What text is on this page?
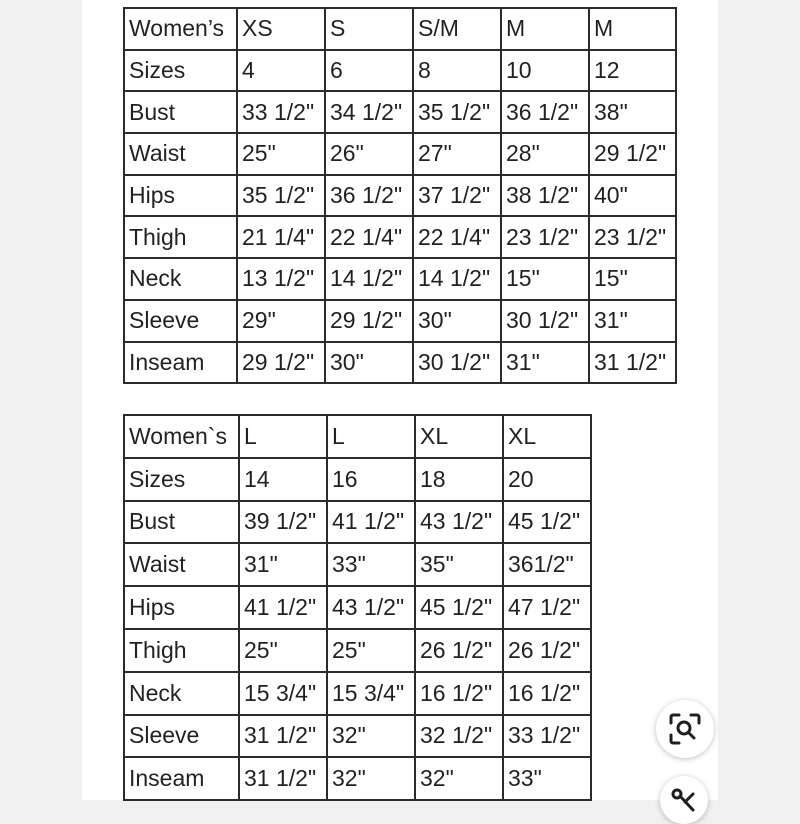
Women’s	XS	S	S/M	M	M
Sizes	4	6	8	10	12
Bust	33 1/2"	34 1/2"	35 1/2"	36 1/2"	38"
Waist	25"	26"	27"	28"	29 1/2"
Hips	35 1/2"	36 1/2"	37 1/2"	38 1/2"	40"
Thigh	21 1/4"	22 1/4"	22 1/4"	23 1/2"	23 1/2"
Neck	13 1/2"	14 1/2"	14 1/2"	15"	15"
Sleeve	29"	29 1/2"	30"	30 1/2"	31"
Inseam	29 1/2"	30"	30 1/2"	31"	31 1/2"
Women`s	L	L	XL	XL
Sizes	14	16	18	20
Bust	39 1/2"	41 1/2"	43 1/2"	45 1/2"
Waist	31"	33"	35"	361/2"
Hips	41 1/2"	43 1/2"	45 1/2"	47 1/2"
Thigh	25"	25"	26 1/2"	26 1/2"
Neck	15 3/4"	15 3/4"	16 1/2"	16 1/2"
Sleeve	31 1/2"	32"	32 1/2"	33 1/2"
Inseam	31 1/2"	32"	32"	33"
